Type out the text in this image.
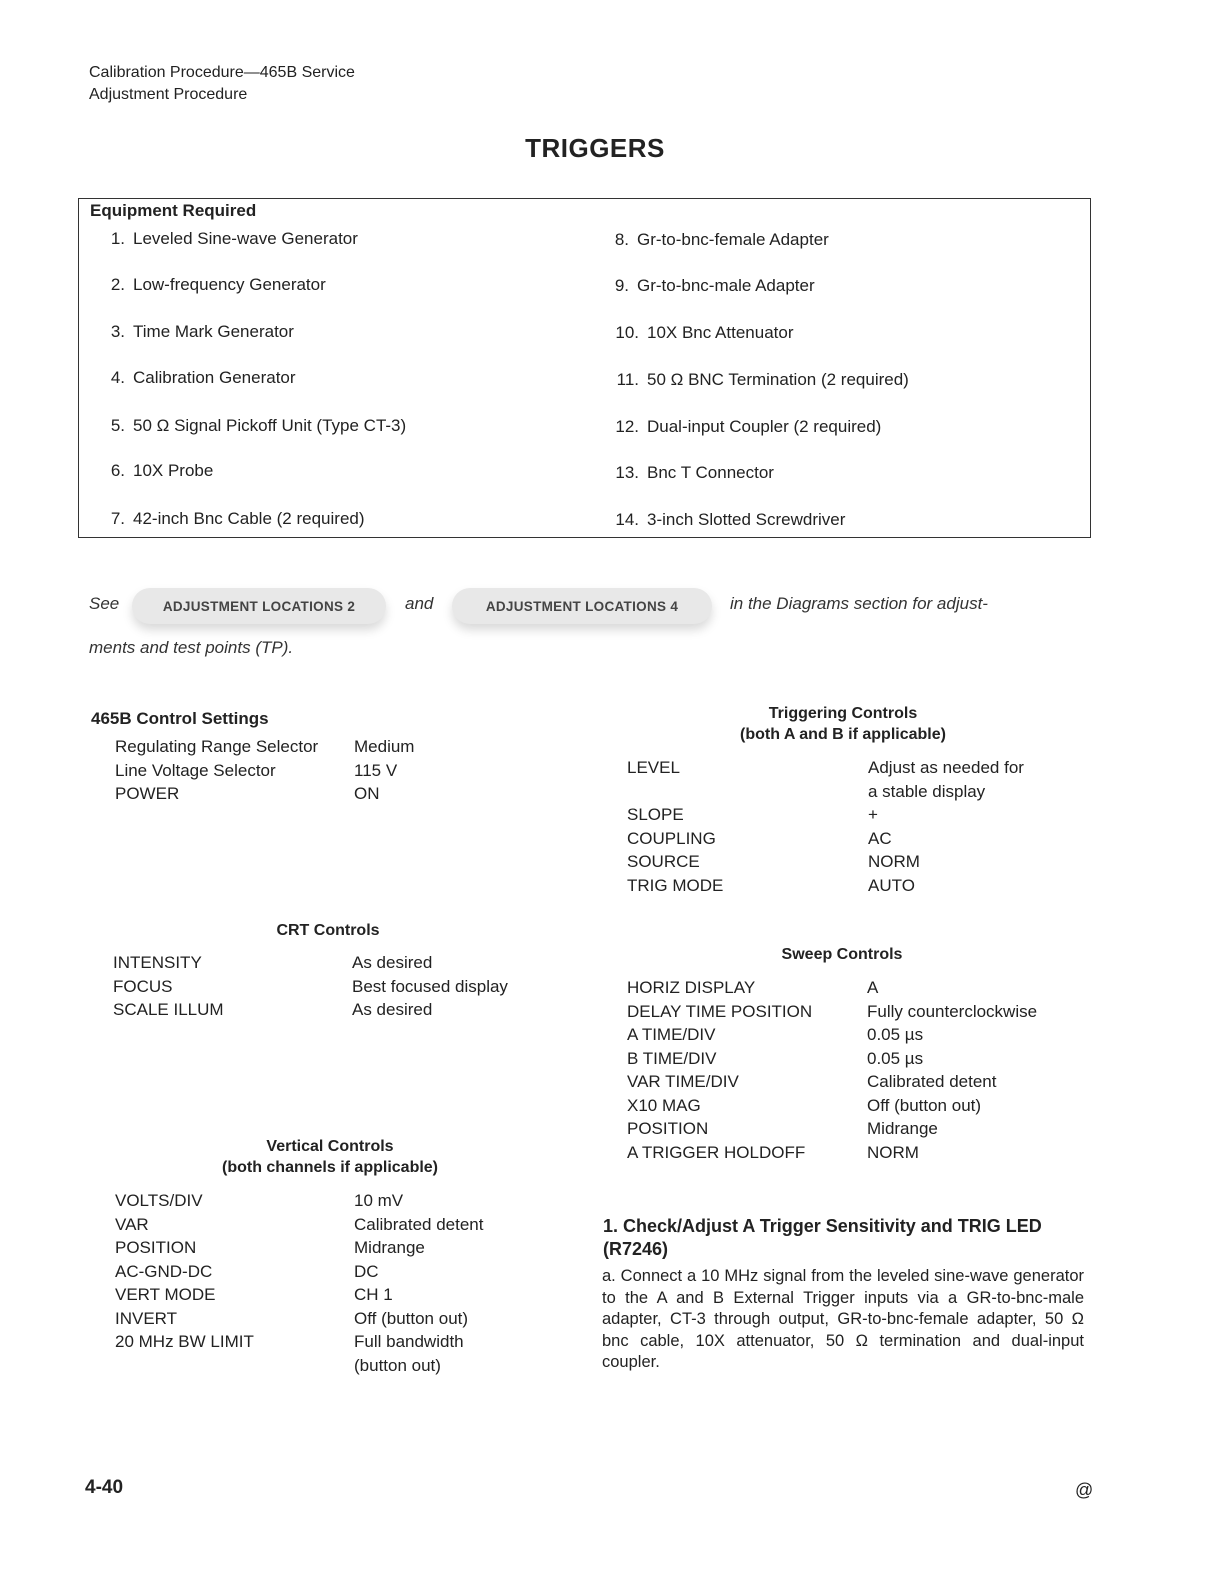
Calibration Procedure—465B Service
Adjustment Procedure
TRIGGERS
Equipment Required
1. Leveled Sine-wave Generator
2. Low-frequency Generator
3. Time Mark Generator
4. Calibration Generator
5. 50 Ω Signal Pickoff Unit (Type CT-3)
6. 10X Probe
7. 42-inch Bnc Cable (2 required)
8. Gr-to-bnc-female Adapter
9. Gr-to-bnc-male Adapter
10. 10X Bnc Attenuator
11. 50 Ω BNC Termination (2 required)
12. Dual-input Coupler (2 required)
13. Bnc T Connector
14. 3-inch Slotted Screwdriver
See	ADJUSTMENT LOCATIONS 2	and	ADJUSTMENT LOCATIONS 4	in the Diagrams section for adjust-
ments and test points (TP).
465B Control Settings
Regulating Range Selector Medium
Line Voltage Selector	115 V
POWER	ON
CRT Controls
INTENSITY	As desired
FOCUS	Best focused display
SCALE ILLUM	As desired
Vertical Controls
(both channels if applicable)
VOLTS/DIV	10 mV
VAR	Calibrated detent
POSITION	Midrange
AC-GND-DC	DC
VERT MODE	CH 1
INVERT	Off (button out)
20 MHz BW LIMIT	Full bandwidth
(button out)
Triggering Controls
(both A and B if applicable)
LEVEL	Adjust as needed for
a stable display
SLOPE	+
COUPLING	AC
SOURCE	NORM
TRIG MODE	AUTO
Sweep Controls
HORIZ DISPLAY	A
DELAY TIME POSITION	Fully counterclockwise
A TIME/DIV	0.05 µs
B TIME/DIV	0.05 µs
VAR TIME/DIV	Calibrated detent
X10 MAG	Off (button out)
POSITION	Midrange
A TRIGGER HOLDOFF	NORM
1. Check/Adjust A Trigger Sensitivity and TRIG LED (R7246)
a. Connect a 10 MHz signal from the leveled sine-wave generator to the A and B External Trigger inputs via a GR-to-bnc-male adapter, CT-3 through output, GR-to-bnc-female adapter, 50 Ω bnc cable, 10X attenuator, 50 Ω termination and dual-input coupler.
4-40	@
